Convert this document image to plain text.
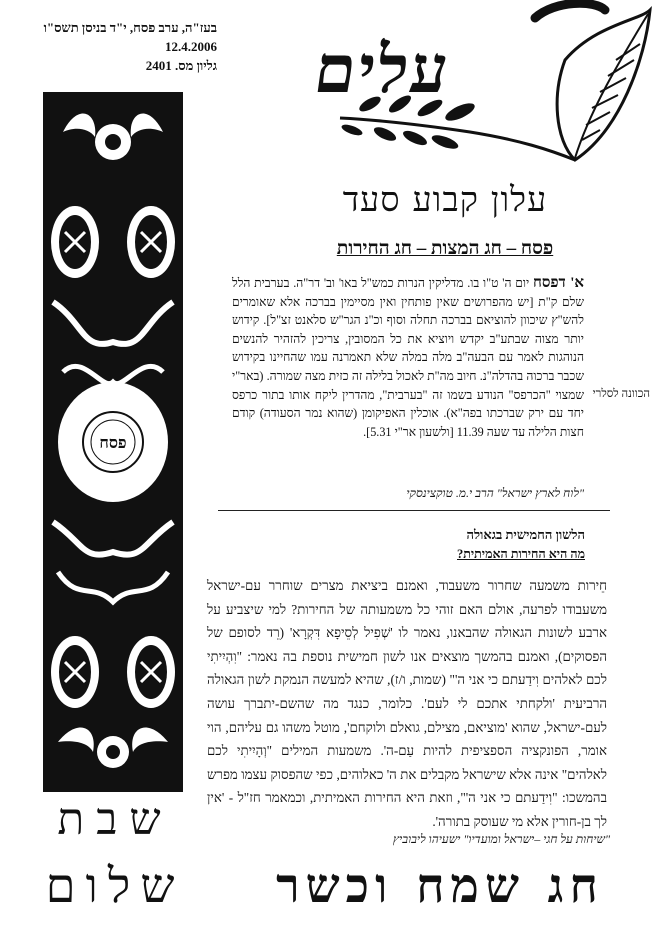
בעז"ה, ערב פסח, י"ד בניסן תשס"ו
12.4.2006
גליון מס. 2401 עלים
עלון קבוע סעד
פסח – חג המצות – חג החירות
פסח
א' דפסח יום ה' ט"ו בו. מדליקין הנרות כמש"ל באו' וב' דר"ה. בערבית הלל שלם ק"ת [יש מהפרושים שאין פותחין ואין מסיימין בברכה אלא שאומרים להש"ץ שיכוון להוציאם בברכה תחלה וסוף וכ"נ הגר"ש סלאנט זצ"ל]. קידוש יותר מצוה שבתע"ב יקדש ויוציא את כל המסובין, צריכין להזהיר להנשים הנוהגות לאמר עם הבעה"ב מלה במלה שלא תאמרנה עמו שהחיינו בקידוש שכבר ברכוה בהדלה"נ. חיוב מה"ת לאכול בלילה זה כזית מצה שמורה. (באר"י שמצוי "הכרפס" הנודע בשמו זה "בערבית", מהדרין ליקח אותו בתור כרפס יחד עם ירק שברכתו בפה"א). אוכלין האפיקומן (שהוא נמר הסעודה) קודם חצות הלילה עד שעה 11.39 [ולשעון אר"י 5.31].
הכוונה לסלרי
"לוח לארץ ישראל" הרב י.מ. טוקצינסקי
הלשון החמישית בגאולה
מה היא החירות האמיתית?
חֵירות משמעה שחרור משעבוד, ואמנם ביציאת מצרים שוחרר עם-ישראל משעבודו לפרעה, אולם האם זוהי כל משמעותה של החירות? למי שיצביע על ארבע לשונות הגאולה שהבאנו, נאמר לו 'שְׁפִיל לְסֵיפָא דִּקְרָא' (רֵד לסופם של הפסוקים), ואמנם בהמשך מוצאים אנו לשון חמישית נוספת בה נאמר: "וִהְיִיתִי לכם לאלהים וִידַעתם כי אני ה'" (שמות, ו/ז), שהיא למעשה הנמקת לשון הגאולה הרביעית 'ולקחתי אתכם לי לעם'. כלומר, כנגד מה שהשם-יתברך עושה לעם-ישראל, שהוא 'מוציאם, מצילם, גואלם ולוקחם', מוטל משהו גם עליהם, הוי אומר, הפונקציה הספציפית להיות עַם-ה'. משמעות המילים "וְהָיִיתִי לכם לאלהים" אינה אלא שישראל מקבלים את ה' כאלוהים, כפי שהפסוק עצמו מפרש בהמשכו: "וִידַעתם כי אני ה'", וזאת היא החירות האמיתית, וכמאמר חז"ל - 'אין לך בן-חורין אלא מי שעוסק בתורה'.
"שיחות על חגי –ישראל ומועדיו" ישעיהו ליבוביץ
שבת
שלום חג שמח וכשר
